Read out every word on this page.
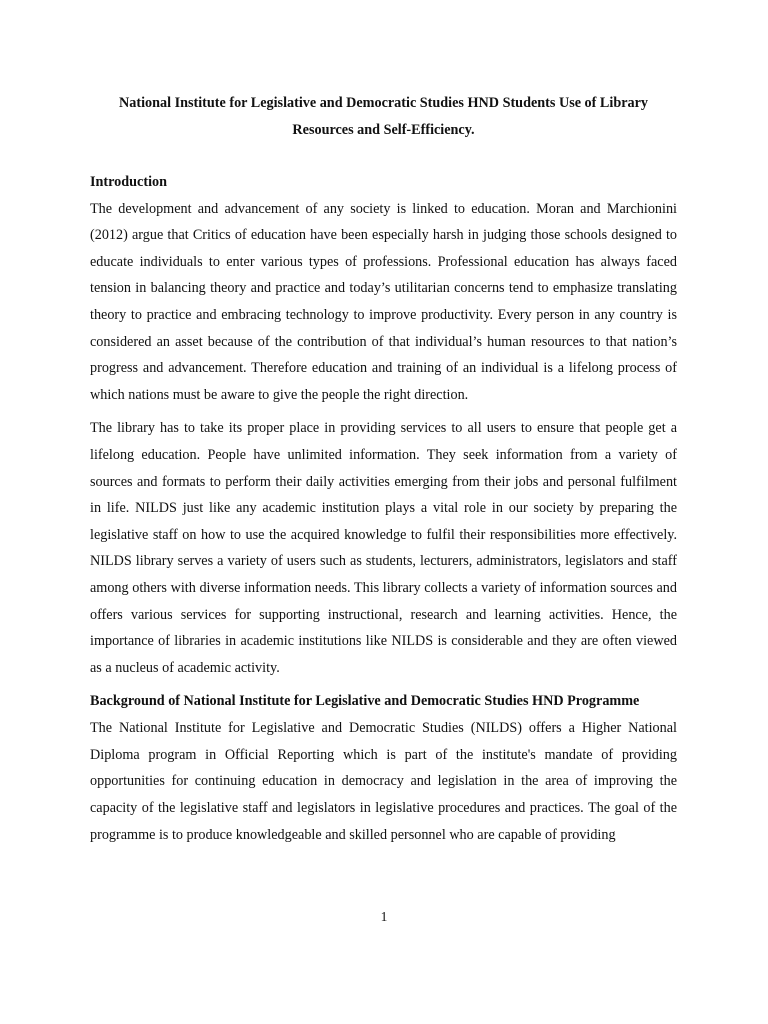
National Institute for Legislative and Democratic Studies HND Students Use of Library Resources and Self-Efficiency.

Introduction

The development and advancement of any society is linked to education. Moran and Marchionini (2012) argue that Critics of education have been especially harsh in judging those schools designed to educate individuals to enter various types of professions. Professional education has always faced tension in balancing theory and practice and today’s utilitarian concerns tend to emphasize translating theory to practice and embracing technology to improve productivity. Every person in any country is considered an asset because of the contribution of that individual’s human resources to that nation’s progress and advancement. Therefore education and training of an individual is a lifelong process of which nations must be aware to give the people the right direction.

The library has to take its proper place in providing services to all users to ensure that people get a lifelong education. People have unlimited information. They seek information from a variety of sources and formats to perform their daily activities emerging from their jobs and personal fulfilment in life. NILDS just like any academic institution plays a vital role in our society by preparing the legislative staff on how to use the acquired knowledge to fulfil their responsibilities more effectively. NILDS library serves a variety of users such as students, lecturers, administrators, legislators and staff among others with diverse information needs. This library collects a variety of information sources and offers various services for supporting instructional, research and learning activities. Hence, the importance of libraries in academic institutions like NILDS is considerable and they are often viewed as a nucleus of academic activity.

Background of National Institute for Legislative and Democratic Studies HND Programme

The National Institute for Legislative and Democratic Studies (NILDS) offers a Higher National Diploma program in Official Reporting which is part of the institute's mandate of providing opportunities for continuing education in democracy and legislation in the area of improving the capacity of the legislative staff and legislators in legislative procedures and practices. The goal of the programme is to produce knowledgeable and skilled personnel who are capable of providing

1
